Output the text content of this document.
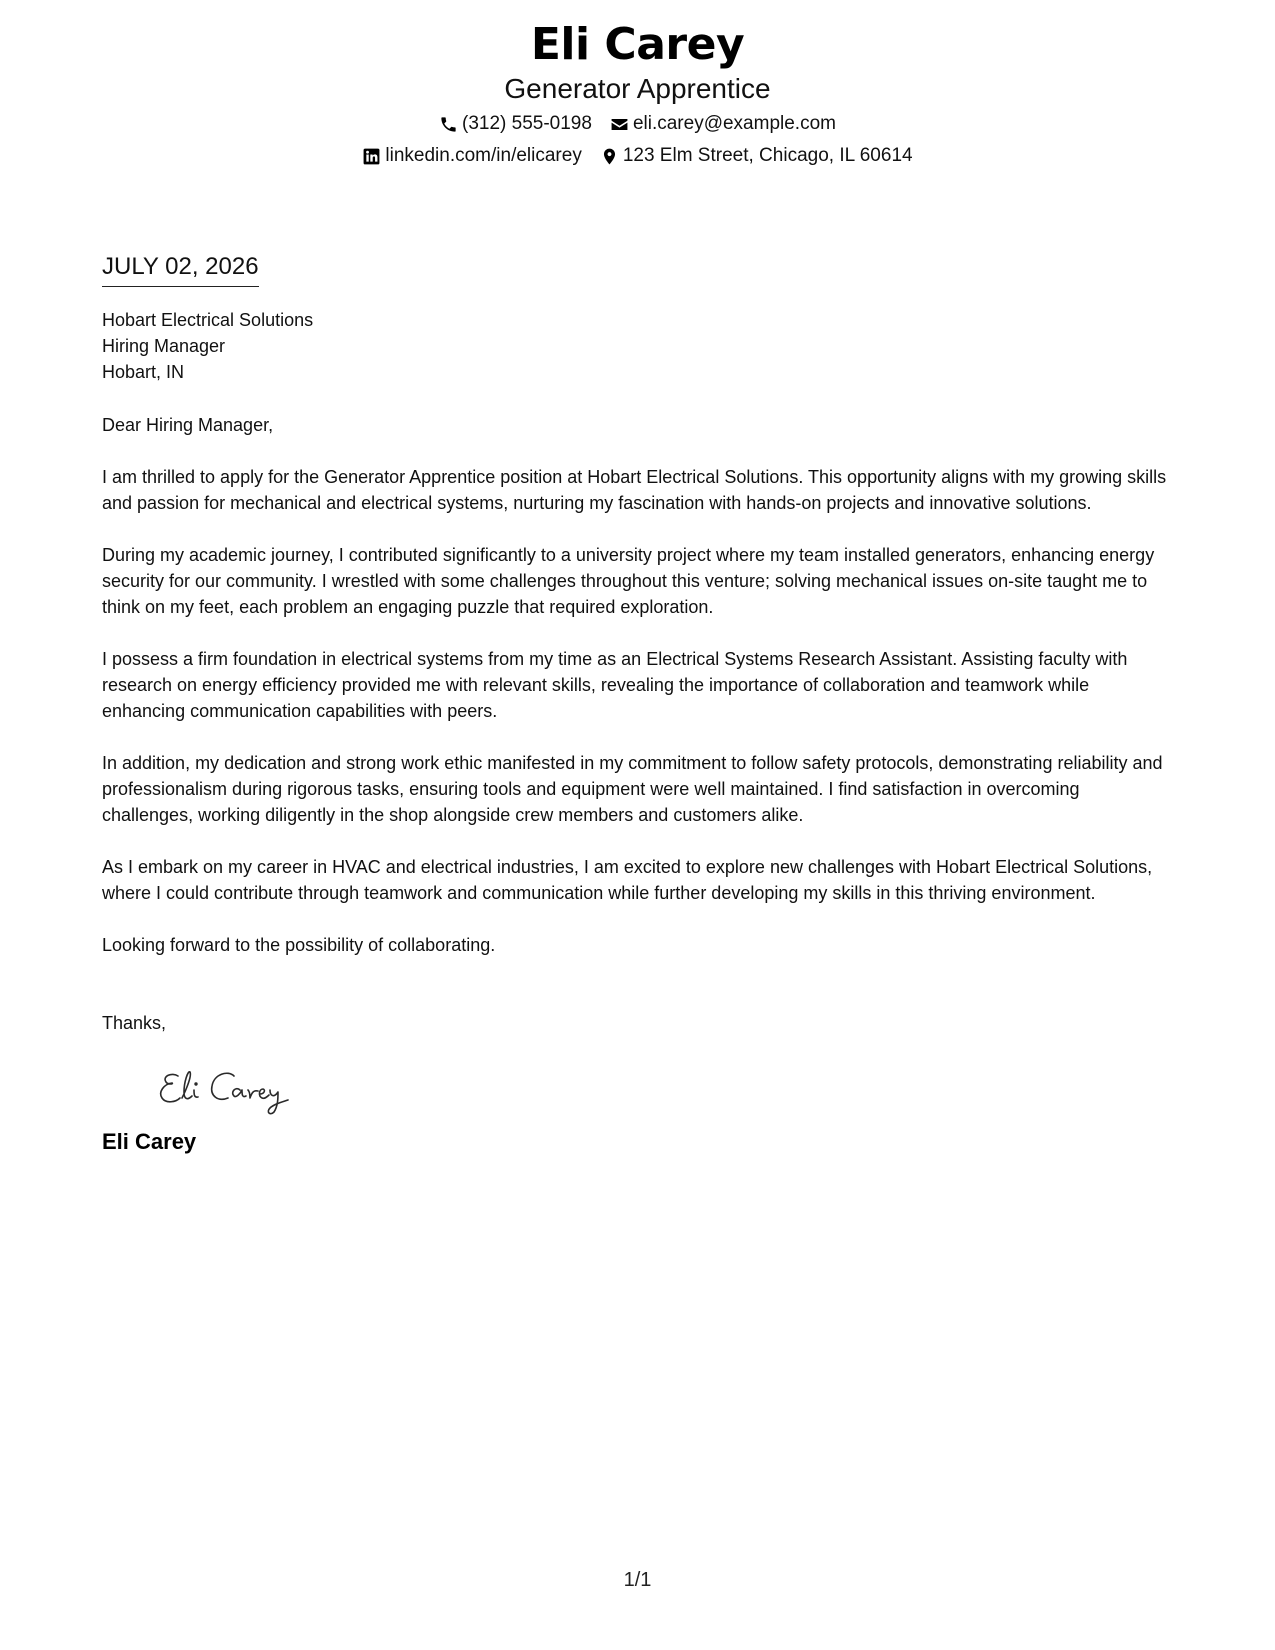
Eli Carey
Generator Apprentice
(312) 555-0198 eli.carey@example.com
linkedin.com/in/elicarey 123 Elm Street, Chicago, IL 60614
JULY 02, 2026
Hobart Electrical Solutions
Hiring Manager
Hobart, IN
Dear Hiring Manager,

I am thrilled to apply for the Generator Apprentice position at Hobart Electrical Solutions. This opportunity aligns with my growing skills and passion for mechanical and electrical systems, nurturing my fascination with hands-on projects and innovative solutions.

During my academic journey, I contributed significantly to a university project where my team installed generators, enhancing energy security for our community. I wrestled with some challenges throughout this venture; solving mechanical issues on-site taught me to think on my feet, each problem an engaging puzzle that required exploration.

I possess a firm foundation in electrical systems from my time as an Electrical Systems Research Assistant. Assisting faculty with research on energy efficiency provided me with relevant skills, revealing the importance of collaboration and teamwork while enhancing communication capabilities with peers.

In addition, my dedication and strong work ethic manifested in my commitment to follow safety protocols, demonstrating reliability and professionalism during rigorous tasks, ensuring tools and equipment were well maintained. I find satisfaction in overcoming challenges, working diligently in the shop alongside crew members and customers alike.

As I embark on my career in HVAC and electrical industries, I am excited to explore new challenges with Hobart Electrical Solutions, where I could contribute through teamwork and communication while further developing my skills in this thriving environment.

Looking forward to the possibility of collaborating.
Thanks,
Eli Carey
1/1
